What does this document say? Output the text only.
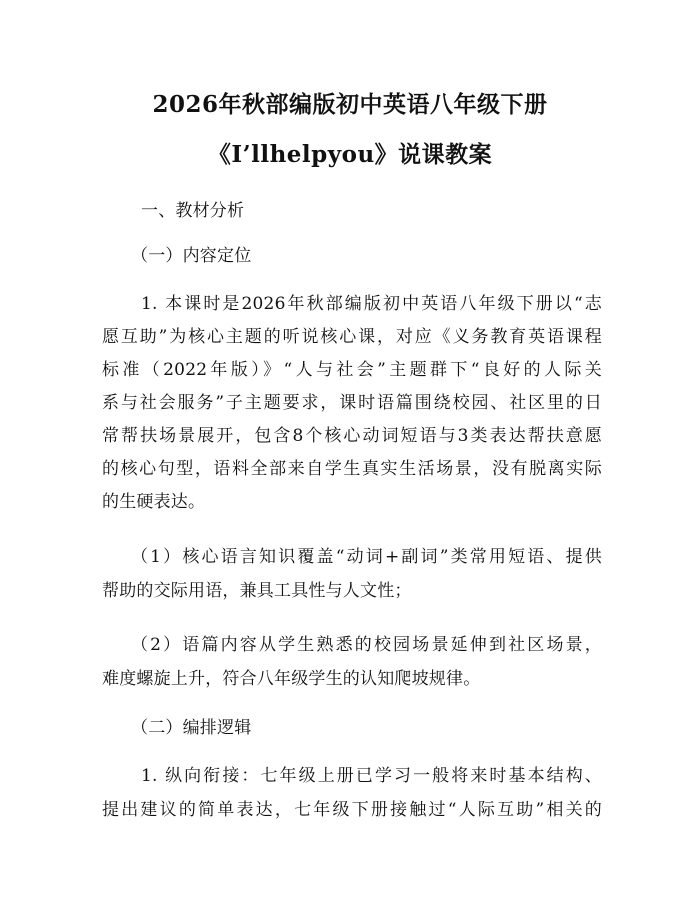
2026年秋部编版初中英语八年级下册
《I’llhelpyou》说课教案
一、教材分析
（一）内容定位
1. 本课时是2026年秋部编版初中英语八年级下册以“志
愿互助”为核心主题的听说核心课，对应《义务教育英语课程
标准（2022年版）》“人与社会”主题群下“良好的人际关
系与社会服务”子主题要求，课时语篇围绕校园、社区里的日
常帮扶场景展开，包含8个核心动词短语与3类表达帮扶意愿
的核心句型，语料全部来自学生真实生活场景，没有脱离实际
的生硬表达。
（1）核心语言知识覆盖“动词+副词”类常用短语、提供
帮助的交际用语，兼具工具性与人文性；
（2）语篇内容从学生熟悉的校园场景延伸到社区场景，
难度螺旋上升，符合八年级学生的认知爬坡规律。
（二）编排逻辑
1. 纵向衔接：七年级上册已学习一般将来时基本结构、
提出建议的简单表达，七年级下册接触过“人际互助”相关的
